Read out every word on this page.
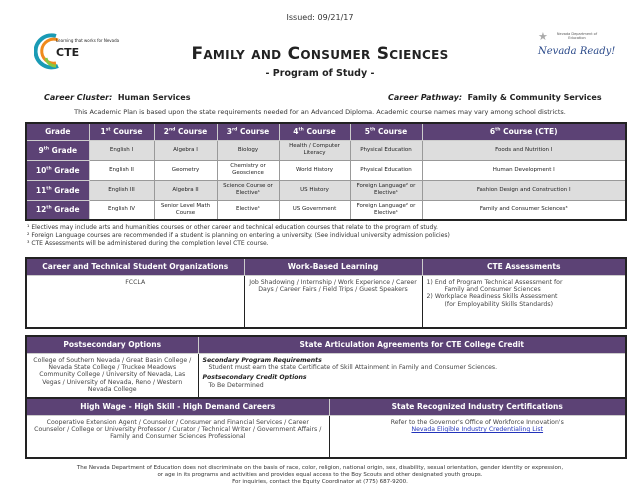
Issued: 09/21/17
Learning that works for Nevada
CTE
★	Nevada Department of Education
Nevada Ready!
Family and Consumer Sciences
- Program of Study -
Career Cluster: Human Services	Career Pathway: Family & Community Services
This Academic Plan is based upon the state requirements needed for an Advanced Diploma. Academic course names may vary among school districts.
Grade	1st Course	2nd Course	3rd Course	4th Course	5th Course	6th Course (CTE)
9th Grade	English I	Algebra I	Biology	Health / Computer Literacy	Physical Education	Foods and Nutrition I
10th Grade	English II	Geometry	Chemistry or Geoscience	World History	Physical Education	Human Development I
11th Grade	English III	Algebra II	Science Course or Elective¹	US History	Foreign Language² or Elective¹	Fashion Design and Construction I
12th Grade	English IV	Senior Level Math Course	Elective¹	US Government	Foreign Language² or Elective¹	Family and Consumer Sciences³
¹ Electives may include arts and humanities courses or other career and technical education courses that relate to the program of study.
² Foreign Language courses are recommended if a student is planning on entering a university. (See individual university admission policies)
³ CTE Assessments will be administered during the completion level CTE course.
Career and Technical Student Organizations	Work-Based Learning	CTE Assessments
FCCLA	Job Shadowing / Internship / Work Experience / Career Days / Career Fairs / Field Trips / Guest Speakers	1) End of Program Technical Assessment for
Family and Consumer Sciences
2) Workplace Readiness Skills Assessment
(for Employability Skills Standards)
Postsecondary Options	State Articulation Agreements for CTE College Credit
College of Southern Nevada / Great Basin College / Nevada State College / Truckee Meadows Community College / University of Nevada, Las Vegas / University of Nevada, Reno / Western Nevada College	Secondary Program Requirements
Student must earn the state Certificate of Skill Attainment in Family and Consumer Sciences.
Postsecondary Credit Options
To Be Determined
High Wage - High Skill - High Demand Careers	State Recognized Industry Certifications
Cooperative Extension Agent / Counselor / Consumer and Financial Services / Career Counselor / College or University Professor / Curator / Technical Writer / Government Affairs / Family and Consumer Sciences Professional	Refer to the Governor's Office of Workforce Innovation's
Nevada Eligible Industry Credentialing List
The Nevada Department of Education does not discriminate on the basis of race, color, religion, national origin, sex, disability, sexual orientation, gender identity or expression,
or age in its programs and activities and provides equal access to the Boy Scouts and other designated youth groups.
For inquiries, contact the Equity Coordinator at (775) 687-9200.
